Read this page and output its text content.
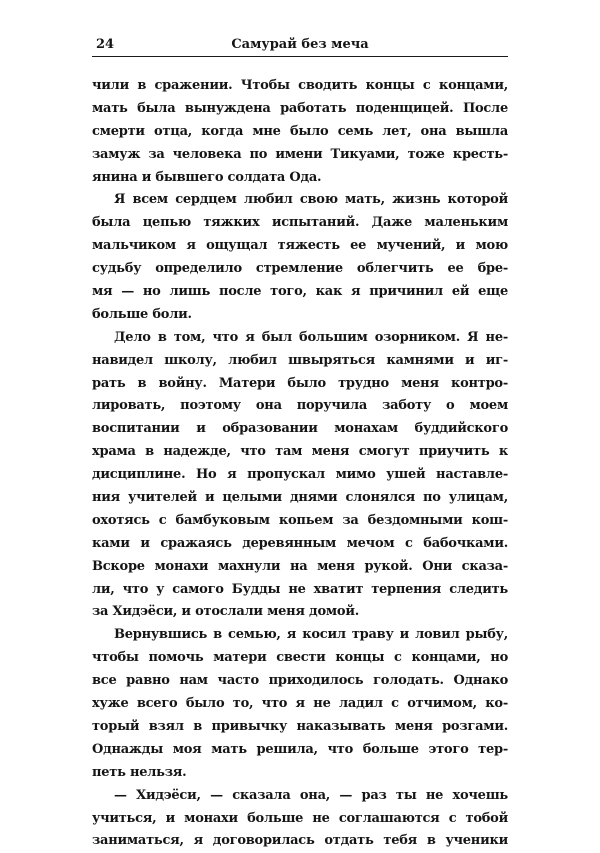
24	Самурай без меча
чили в сражении. Чтобы сводить концы с концами,
мать была вынуждена работать поденщицей. После
смерти отца, когда мне было семь лет, она вышла
замуж за человека по имени Тикуами, тоже кресть-
янина и бывшего солдата Ода.
Я всем сердцем любил свою мать, жизнь которой
была цепью тяжких испытаний. Даже маленьким
мальчиком я ощущал тяжесть ее мучений, и мою
судьбу определило стремление облегчить ее бре-
мя — но лишь после того, как я причинил ей еще
больше боли.
Дело в том, что я был большим озорником. Я не-
навидел школу, любил швыряться камнями и иг-
рать в войну. Матери было трудно меня контро-
лировать, поэтому она поручила заботу о моем
воспитании и образовании монахам буддийского
храма в надежде, что там меня смогут приучить к
дисциплине. Но я пропускал мимо ушей наставле-
ния учителей и целыми днями слонялся по улицам,
охотясь с бамбуковым копьем за бездомными кош-
ками и сражаясь деревянным мечом с бабочками.
Вскоре монахи махнули на меня рукой. Они сказа-
ли, что у самого Будды не хватит терпения следить
за Хидэёси, и отослали меня домой.
Вернувшись в семью, я косил траву и ловил рыбу,
чтобы помочь матери свести концы с концами, но
все равно нам часто приходилось голодать. Однако
хуже всего было то, что я не ладил с отчимом, ко-
торый взял в привычку наказывать меня розгами.
Однажды моя мать решила, что больше этого тер-
петь нельзя.
— Хидэёси, — сказала она, — раз ты не хочешь
учиться, и монахи больше не соглашаются с тобой
заниматься, я договорилась отдать тебя в ученики
